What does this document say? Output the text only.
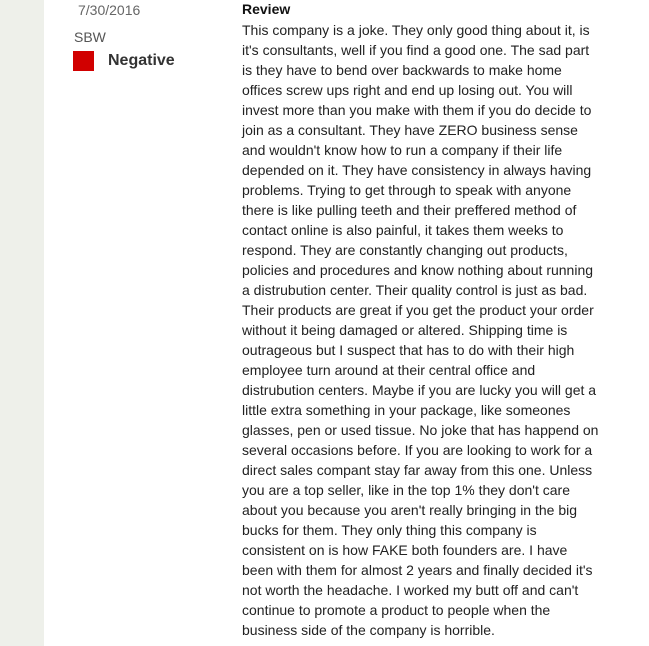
7/30/2016
SBW
Negative
Review
This company is a joke. They only good thing about it, is it's consultants, well if you find a good one. The sad part is they have to bend over backwards to make home offices screw ups right and end up losing out. You will invest more than you make with them if you do decide to join as a consultant. They have ZERO business sense and wouldn't know how to run a company if their life depended on it. They have consistency in always having problems. Trying to get through to speak with anyone there is like pulling teeth and their preffered method of contact online is also painful, it takes them weeks to respond. They are constantly changing out products, policies and procedures and know nothing about running a distrubution center. Their quality control is just as bad. Their products are great if you get the product your order without it being damaged or altered. Shipping time is outrageous but I suspect that has to do with their high employee turn around at their central office and distrubution centers. Maybe if you are lucky you will get a little extra something in your package, like someones glasses, pen or used tissue. No joke that has happend on several occasions before. If you are looking to work for a direct sales compant stay far away from this one. Unless you are a top seller, like in the top 1% they don't care about you because you aren't really bringing in the big bucks for them. They only thing this company is consistent on is how FAKE both founders are. I have been with them for almost 2 years and finally decided it's not worth the headache. I worked my butt off and can't continue to promote a product to people when the business side of the company is horrible.
